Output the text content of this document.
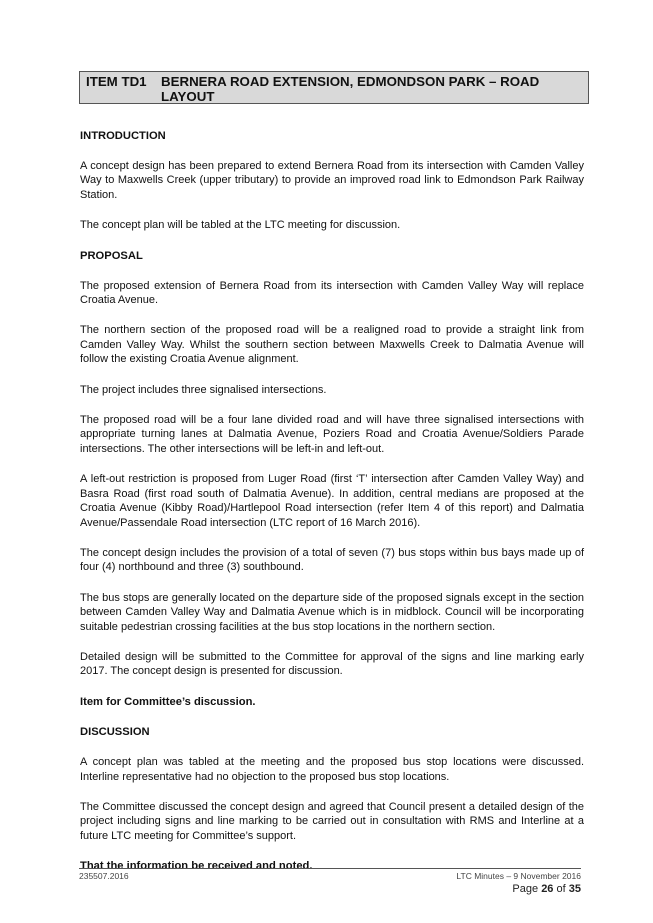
ITEM TD1 BERNERA ROAD EXTENSION, EDMONDSON PARK – ROAD LAYOUT
INTRODUCTION

A concept design has been prepared to extend Bernera Road from its intersection with Camden Valley Way to Maxwells Creek (upper tributary) to provide an improved road link to Edmondson Park Railway Station.

The concept plan will be tabled at the LTC meeting for discussion.

PROPOSAL

The proposed extension of Bernera Road from its intersection with Camden Valley Way will replace Croatia Avenue.

The northern section of the proposed road will be a realigned road to provide a straight link from Camden Valley Way. Whilst the southern section between Maxwells Creek to Dalmatia Avenue will follow the existing Croatia Avenue alignment.

The project includes three signalised intersections.

The proposed road will be a four lane divided road and will have three signalised intersections with appropriate turning lanes at Dalmatia Avenue, Poziers Road and Croatia Avenue/Soldiers Parade intersections. The other intersections will be left-in and left-out.

A left-out restriction is proposed from Luger Road (first ‘T’ intersection after Camden Valley Way) and Basra Road (first road south of Dalmatia Avenue). In addition, central medians are proposed at the Croatia Avenue (Kibby Road)/Hartlepool Road intersection (refer Item 4 of this report) and Dalmatia Avenue/Passendale Road intersection (LTC report of 16 March 2016).

The concept design includes the provision of a total of seven (7) bus stops within bus bays made up of four (4) northbound and three (3) southbound.

The bus stops are generally located on the departure side of the proposed signals except in the section between Camden Valley Way and Dalmatia Avenue which is in midblock. Council will be incorporating suitable pedestrian crossing facilities at the bus stop locations in the northern section.

Detailed design will be submitted to the Committee for approval of the signs and line marking early 2017. The concept design is presented for discussion.

Item for Committee’s discussion.

DISCUSSION

A concept plan was tabled at the meeting and the proposed bus stop locations were discussed. Interline representative had no objection to the proposed bus stop locations.

The Committee discussed the concept design and agreed that Council present a detailed design of the project including signs and line marking to be carried out in consultation with RMS and Interline at a future LTC meeting for Committee’s support.

That the information be received and noted.

235507.2016	LTC Minutes – 9 November 2016
Page 26 of 35
